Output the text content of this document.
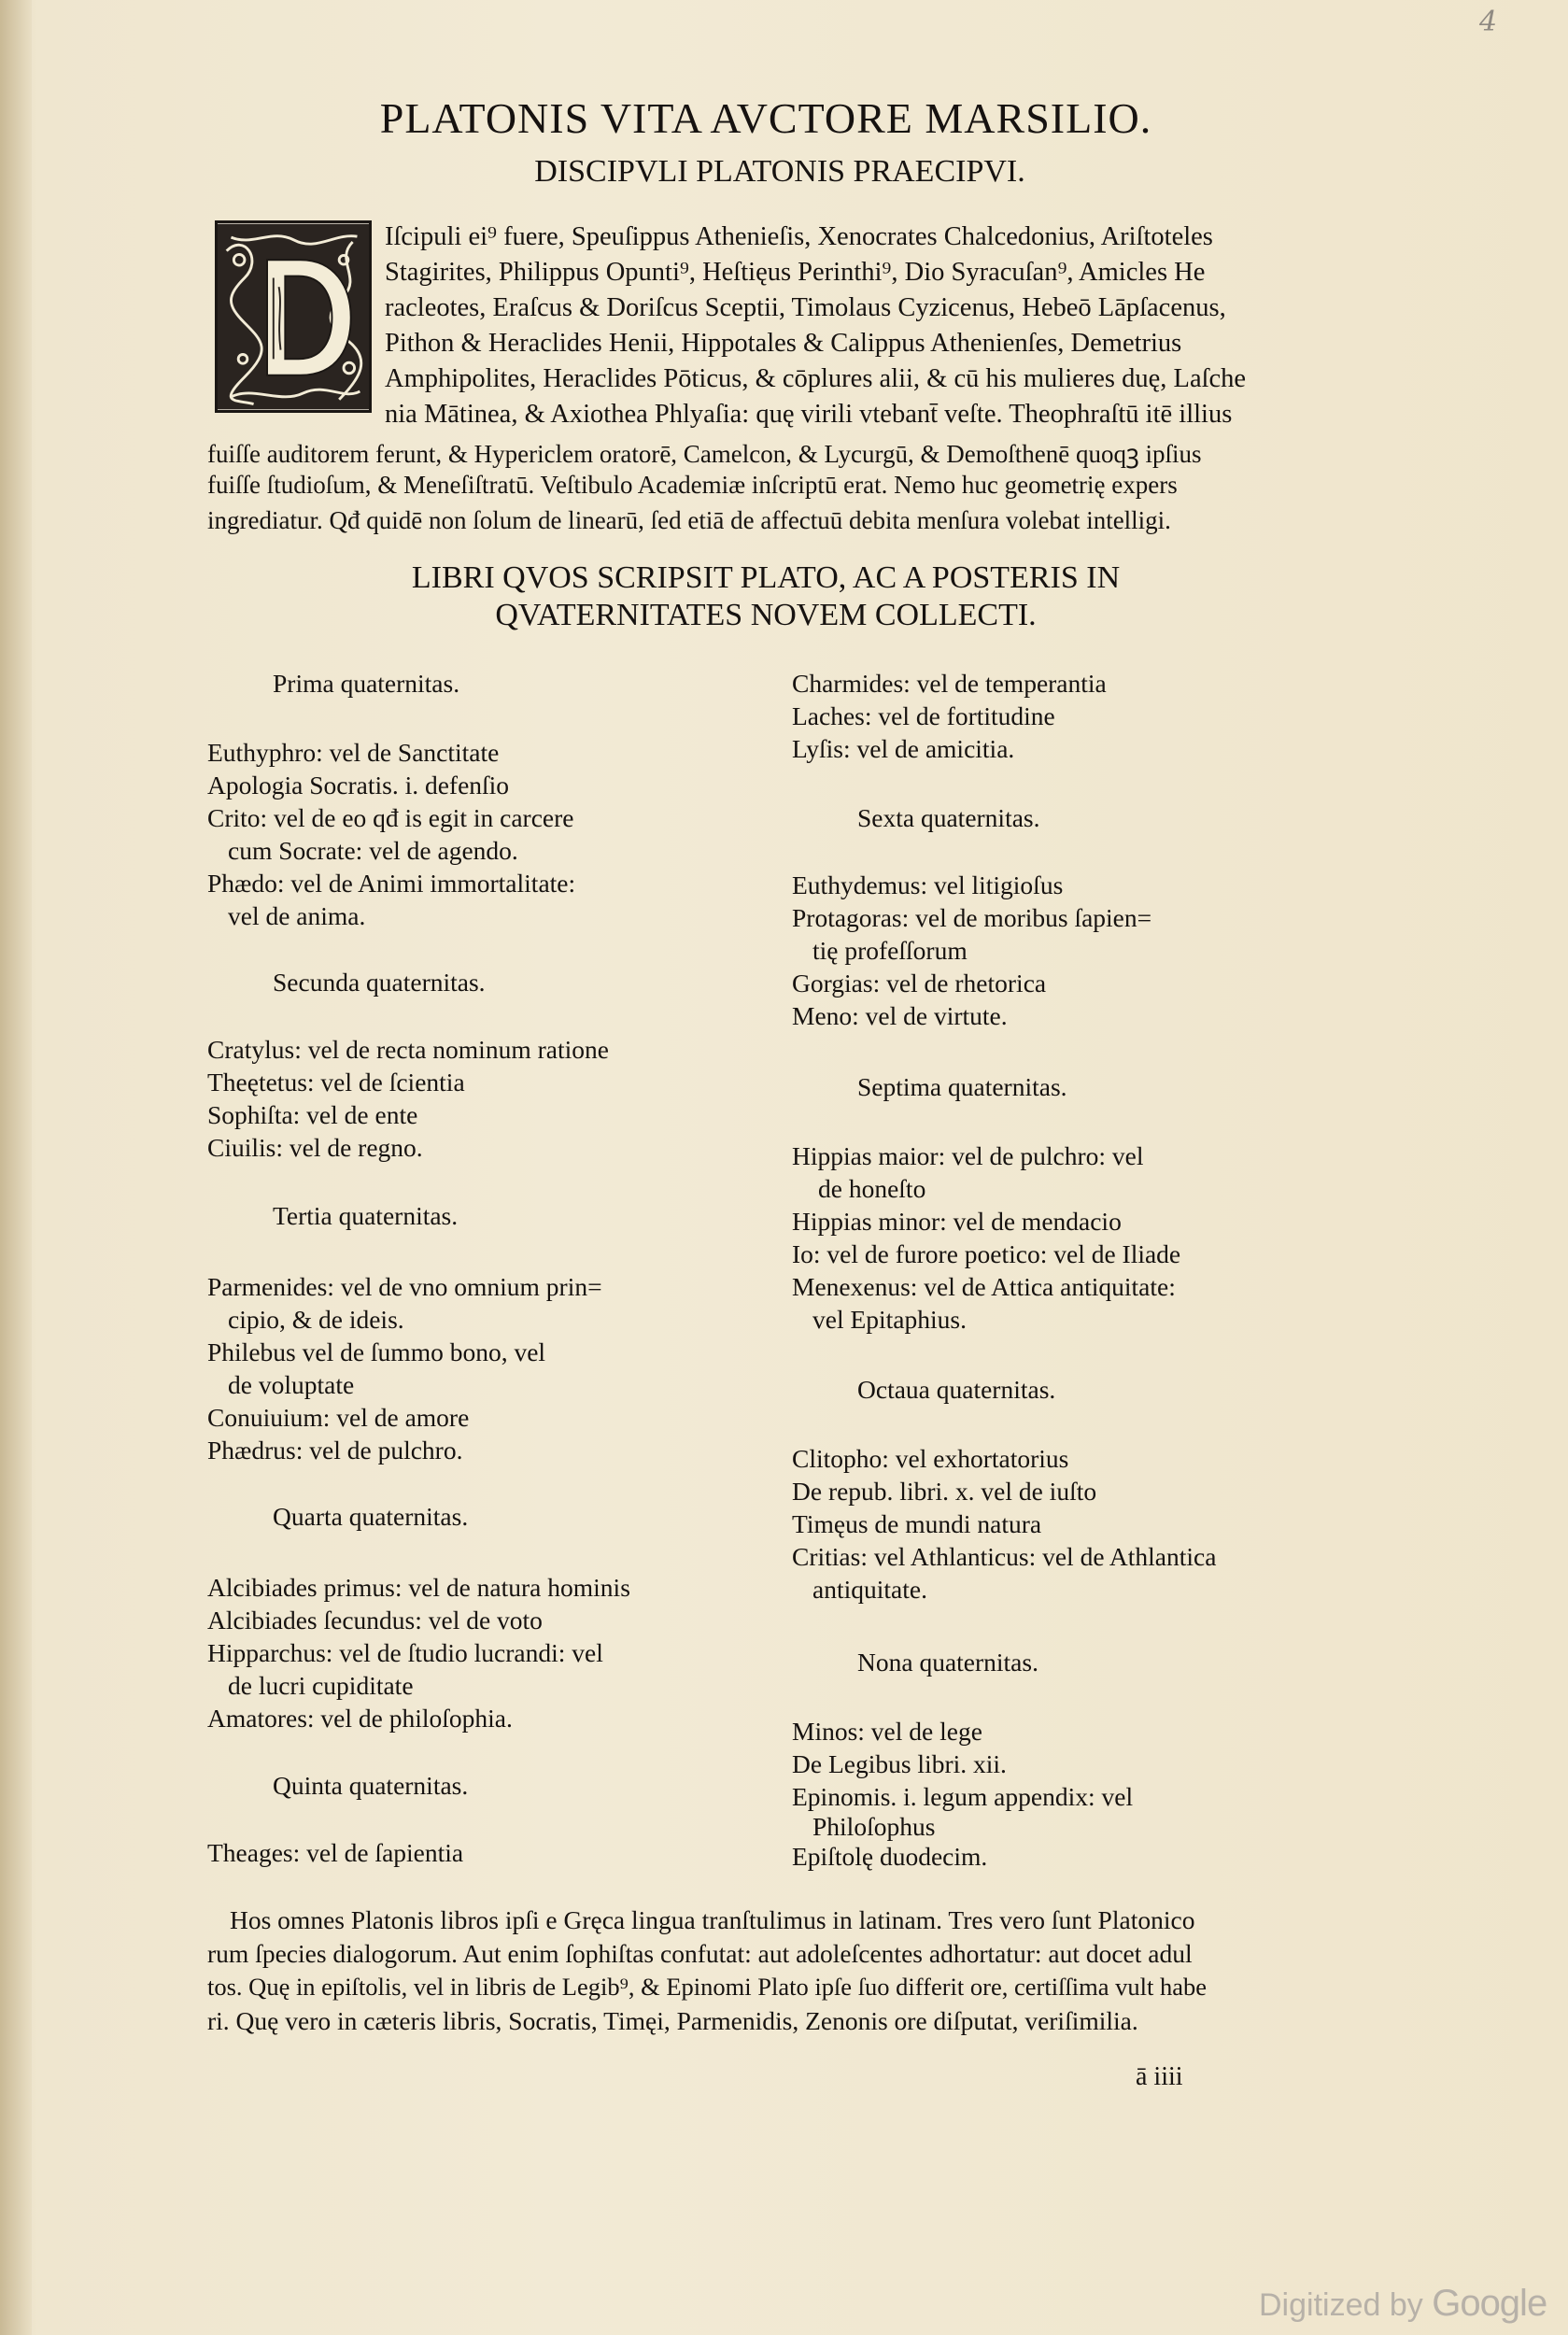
4
PLATONIS VITA AVCTORE MARSILIO.
DISCIPVLI PLATONIS PRAECIPVI.
Iſcipuli ei⁹ fuere, Speuſippus Athenieſis, Xenocrates Chalcedonius, Ariſtoteles
Stagirites, Philippus Opunti⁹, Heſtięus Perinthi⁹, Dio Syracuſan⁹, Amicles He
racleotes, Eraſcus & Doriſcus Sceptii, Timolaus Cyzicenus, Hebeō Lāpſacenus,
Pithon & Heraclides Henii, Hippotales & Calippus Athenienſes, Demetrius
Amphipolites, Heraclides Pōticus, & cōplures alii, & cū his mulieres duę, Laſche
nia Mātinea, & Axiothea Phlyaſia: quę virili vtebant̄ veſte. Theophraſtū itē illius
fuiſſe auditorem ferunt, & Hypericlem oratorē, Camelcon, & Lycurgū, & Demoſthenē quoqꝫ ipſius
fuiſſe ſtudioſum, & Meneſiſtratū. Veſtibulo Academiæ inſcriptū erat. Nemo huc geometrię expers
ingrediatur. Qđ quidē non ſolum de linearū, ſed etiā de affectuū debita menſura volebat intelligi.
LIBRI QVOS SCRIPSIT PLATO, AC A POSTERIS IN
QVATERNITATES NOVEM COLLECTI.
Prima quaternitas.
Euthyphro: vel de Sanctitate
Apologia Socratis. i. defenſio
Crito: vel de eo qđ is egit in carcere
cum Socrate: vel de agendo.
Phædo: vel de Animi immortalitate:
vel de anima.
Secunda quaternitas.
Cratylus: vel de recta nominum ratione
Theętetus: vel de ſcientia
Sophiſta: vel de ente
Ciuilis: vel de regno.
Tertia quaternitas.
Parmenides: vel de vno omnium prin=
cipio, & de ideis.
Philebus vel de ſummo bono, vel
de voluptate
Conuiuium: vel de amore
Phædrus: vel de pulchro.
Quarta quaternitas.
Alcibiades primus: vel de natura hominis
Alcibiades ſecundus: vel de voto
Hipparchus: vel de ſtudio lucrandi: vel
de lucri cupiditate
Amatores: vel de philoſophia.
Quinta quaternitas.
Theages: vel de ſapientia
Charmides: vel de temperantia
Laches: vel de fortitudine
Lyſis: vel de amicitia.
Sexta quaternitas.
Euthydemus: vel litigioſus
Protagoras: vel de moribus ſapien=
tię profeſſorum
Gorgias: vel de rhetorica
Meno: vel de virtute.
Septima quaternitas.
Hippias maior: vel de pulchro: vel
de honeſto
Hippias minor: vel de mendacio
Io: vel de furore poetico: vel de Iliade
Menexenus: vel de Attica antiquitate:
vel Epitaphius.
Octaua quaternitas.
Clitopho: vel exhortatorius
De repub. libri. x. vel de iuſto
Timęus de mundi natura
Critias: vel Athlanticus: vel de Athlantica
antiquitate.
Nona quaternitas.
Minos: vel de lege
De Legibus libri. xii.
Epinomis. i. legum appendix: vel
Philoſophus
Epiſtolę duodecim.
Hos omnes Platonis libros ipſi e Gręca lingua tranſtulimus in latinam. Tres vero ſunt Platonico
rum ſpecies dialogorum. Aut enim ſophiſtas confutat: aut adoleſcentes adhortatur: aut docet adul
tos. Quę in epiſtolis, vel in libris de Legib⁹, & Epinomi Plato ipſe ſuo differit ore, certiſſima vult habe
ri. Quę vero in cæteris libris, Socratis, Timęi, Parmenidis, Zenonis ore diſputat, veriſimilia.
ā iiii
Digitized by Google
